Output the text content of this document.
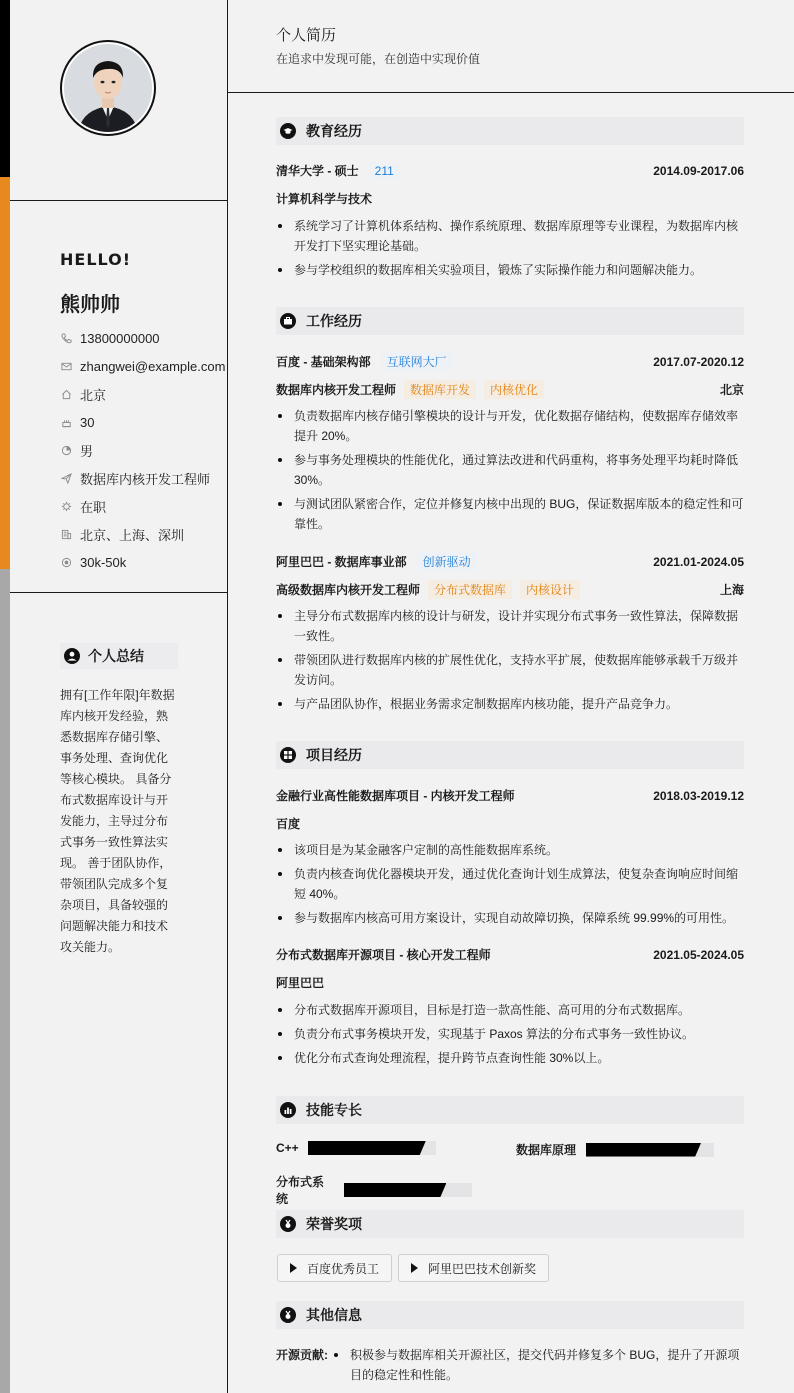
HELLO!
熊帅帅
13800000000
zhangwei@example.com
北京
30
男
数据库内核开发工程师
在职
北京、上海、深圳
30k-50k
个人总结
拥有[工作年限]年数据库内核开发经验，熟悉数据库存储引擎、事务处理、查询优化等核心模块。 具备分布式数据库设计与开发能力，主导过分布式事务一致性算法实现。 善于团队协作，带领团队完成多个复杂项目，具备较强的问题解决能力和技术攻关能力。
个人简历
在追求中发现可能，在创造中实现价值
教育经历
清华大学 - 硕士	211	2014.09-2017.06
计算机科学与技术
系统学习了计算机体系结构、操作系统原理、数据库原理等专业课程，为数据库内核开发打下坚实理论基础。
参与学校组织的数据库相关实验项目，锻炼了实际操作能力和问题解决能力。
工作经历
百度 - 基础架构部	互联网大厂	2017.07-2020.12
数据库内核开发工程师	数据库开发	内核优化	北京
负责数据库内核存储引擎模块的设计与开发，优化数据存储结构，使数据库存储效率提升 20%。
参与事务处理模块的性能优化，通过算法改进和代码重构，将事务处理平均耗时降低 30%。
与测试团队紧密合作，定位并修复内核中出现的 BUG，保证数据库版本的稳定性和可靠性。
阿里巴巴 - 数据库事业部	创新驱动	2021.01-2024.05
高级数据库内核开发工程师	分布式数据库	内核设计	上海
主导分布式数据库内核的设计与研发，设计并实现分布式事务一致性算法，保障数据一致性。
带领团队进行数据库内核的扩展性优化，支持水平扩展，使数据库能够承载千万级并发访问。
与产品团队协作，根据业务需求定制数据库内核功能，提升产品竞争力。
项目经历
金融行业高性能数据库项目 - 内核开发工程师	2018.03-2019.12
百度
该项目是为某金融客户定制的高性能数据库系统。
负责内核查询优化器模块开发，通过优化查询计划生成算法，使复杂查询响应时间缩短 40%。
参与数据库内核高可用方案设计，实现自动故障切换，保障系统 99.99%的可用性。
分布式数据库开源项目 - 核心开发工程师	2021.05-2024.05
阿里巴巴
分布式数据库开源项目，目标是打造一款高性能、高可用的分布式数据库。
负责分布式事务模块开发，实现基于 Paxos 算法的分布式事务一致性协议。
优化分布式查询处理流程，提升跨节点查询性能 30%以上。
技能专长
C++	数据库原理
分布式系统
荣誉奖项
百度优秀员工	阿里巴巴技术创新奖
其他信息
开源贡献:	积极参与数据库相关开源社区，提交代码并修复多个 BUG，提升了开源项目的稳定性和性能。
